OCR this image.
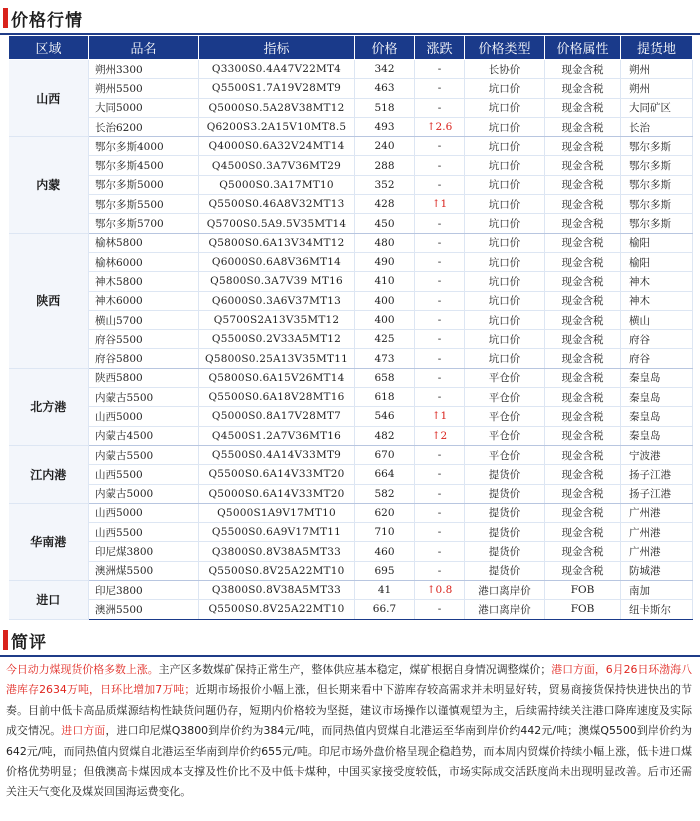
价格行情
区域	品名	指标	价格	涨跌	价格类型	价格属性	提货地
山西	朔州3300	Q3300S0.4A47V22MT4	342	-	长协价	现金含税	朔州
	朔州5500	Q5500S1.7A19V28MT9	463	-	坑口价	现金含税	朔州
	大同5000	Q5000S0.5A28V38MT12	518	-	坑口价	现金含税	大同矿区
	长治6200	Q6200S3.2A15V10MT8.5	493	↑2.6	坑口价	现金含税	长治
内蒙	鄂尔多斯4000	Q4000S0.6A32V24MT14	240	-	坑口价	现金含税	鄂尔多斯
	鄂尔多斯4500	Q4500S0.3A7V36MT29	288	-	坑口价	现金含税	鄂尔多斯
	鄂尔多斯5000	Q5000S0.3A17MT10	352	-	坑口价	现金含税	鄂尔多斯
	鄂尔多斯5500	Q5500S0.46A8V32MT13	428	↑1	坑口价	现金含税	鄂尔多斯
	鄂尔多斯5700	Q5700S0.5A9.5V35MT14	450	-	坑口价	现金含税	鄂尔多斯
陕西	榆林5800	Q5800S0.6A13V34MT12	480	-	坑口价	现金含税	榆阳
	榆林6000	Q6000S0.6A8V36MT14	490	-	坑口价	现金含税	榆阳
	神木5800	Q5800S0.3A7V39 MT16	410	-	坑口价	现金含税	神木
	神木6000	Q6000S0.3A6V37MT13	400	-	坑口价	现金含税	神木
	横山5700	Q5700S2A13V35MT12	400	-	坑口价	现金含税	横山
	府谷5500	Q5500S0.2V33A5MT12	425	-	坑口价	现金含税	府谷
	府谷5800	Q5800S0.25A13V35MT11	473	-	坑口价	现金含税	府谷
北方港	陕西5800	Q5800S0.6A15V26MT14	658	-	平仓价	现金含税	秦皇岛
	内蒙古5500	Q5500S0.6A18V28MT16	618	-	平仓价	现金含税	秦皇岛
	山西5000	Q5000S0.8A17V28MT7	546	↑1	平仓价	现金含税	秦皇岛
	内蒙古4500	Q4500S1.2A7V36MT16	482	↑2	平仓价	现金含税	秦皇岛
江内港	内蒙古5500	Q5500S0.4A14V33MT9	670	-	平仓价	现金含税	宁波港
	山西5500	Q5500S0.6A14V33MT20	664	-	提货价	现金含税	扬子江港
	内蒙古5000	Q5000S0.6A14V33MT20	582	-	提货价	现金含税	扬子江港
华南港	山西5000	Q5000S1A9V17MT10	620	-	提货价	现金含税	广州港
	山西5500	Q5500S0.6A9V17MT11	710	-	提货价	现金含税	广州港
	印尼煤3800	Q3800S0.8V38A5MT33	460	-	提货价	现金含税	广州港
	澳洲煤5500	Q5500S0.8V25A22MT10	695	-	提货价	现金含税	防城港
进口	印尼3800	Q3800S0.8V38A5MT33	41	↑0.8	港口离岸价	FOB	南加
	澳洲5500	Q5500S0.8V25A22MT10	66.7	-	港口离岸价	FOB	纽卡斯尔
简评
今日动力煤现货价格多数上涨。主产区多数煤矿保持正常生产，整体供应基本稳定，煤矿根据自身情况调整煤价；港口方面，6月26日环渤海八港库存2634万吨，日环比增加7万吨；近期市场报价小幅上涨，但长期来看中下游库存较高需求并未明显好转，贸易商接货保持快进快出的节奏。目前中低卡高品质煤源结构性缺货问题仍存，短期内价格较为坚挺，建议市场操作以谨慎观望为主，后续需持续关注港口降库速度及实际成交情况。进口方面，进口印尼煤Q3800到岸价约为384元/吨，而同热值内贸煤自北港运至华南到岸价约442元/吨；澳煤Q5500到岸价约为642元/吨，而同热值内贸煤自北港运至华南到岸价约655元/吨。印尼市场外盘价格呈现企稳趋势，而本周内贸煤价持续小幅上涨，低卡进口煤价格优势明显；但俄澳高卡煤因成本支撑及性价比不及中低卡煤种，中国买家接受度较低，市场实际成交活跃度尚未出现明显改善。后市还需关注天气变化及煤炭回国海运费变化。
